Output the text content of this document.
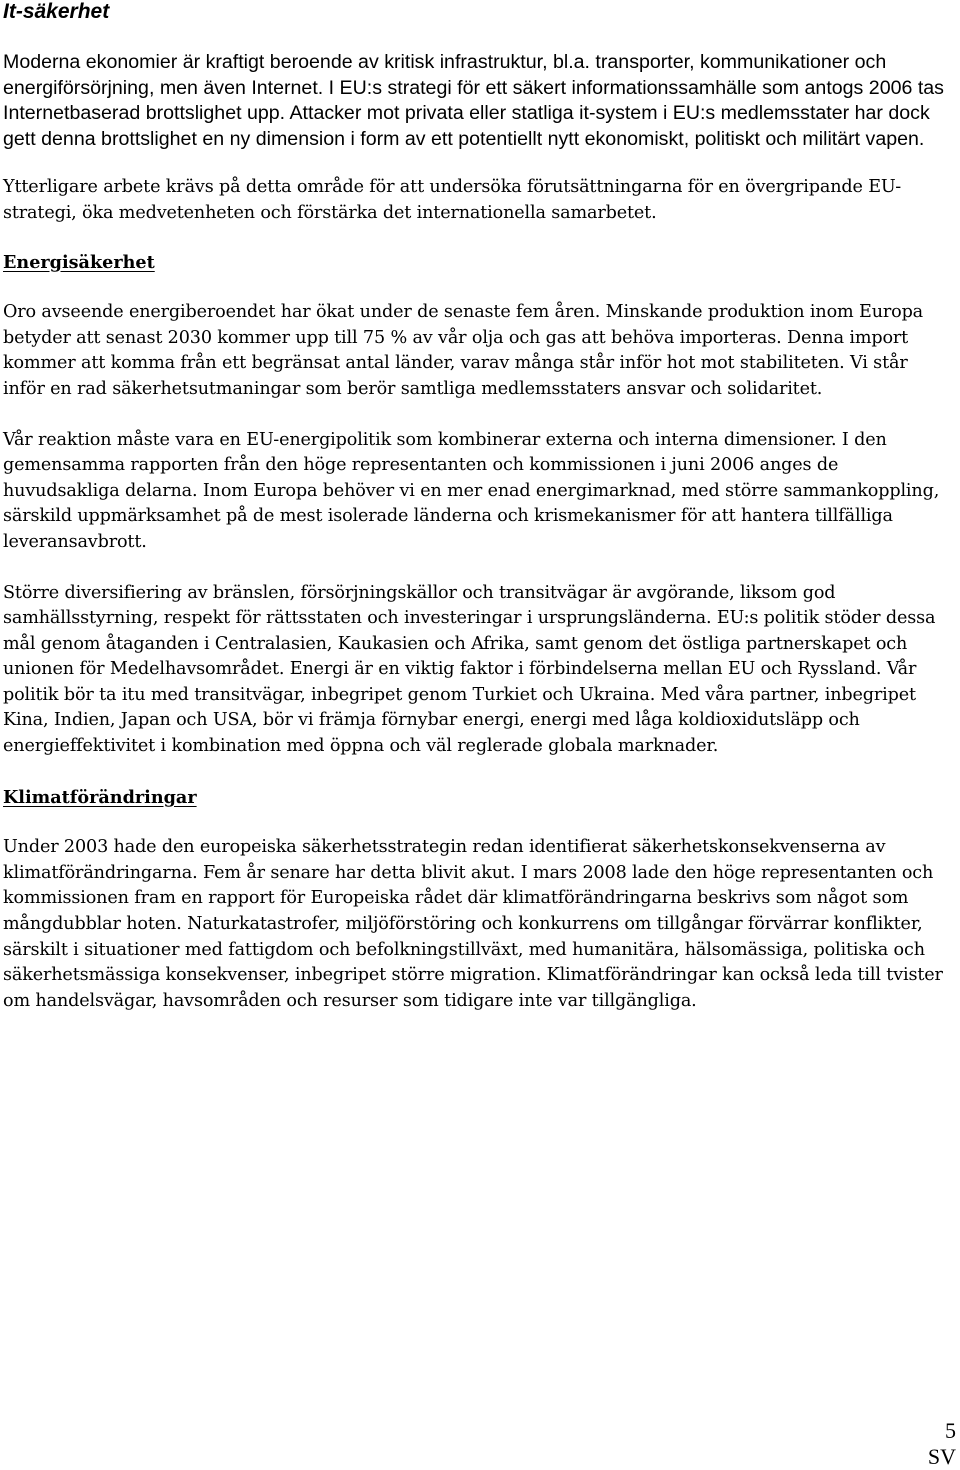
It-säkerhet

Moderna ekonomier är kraftigt beroende av kritisk infrastruktur, bl.a. transporter, kommunikationer och energiförsörjning, men även Internet. I EU:s strategi för ett säkert informationssamhälle som antogs 2006 tas Internetbaserad brottslighet upp. Attacker mot privata eller statliga it-system i EU:s medlemsstater har dock gett denna brottslighet en ny dimension i form av ett potentiellt nytt ekonomiskt, politiskt och militärt vapen.

Ytterligare arbete krävs på detta område för att undersöka förutsättningarna för en övergripande EU-strategi, öka medvetenheten och förstärka det internationella samarbetet.

Energisäkerhet

Oro avseende energiberoendet har ökat under de senaste fem åren. Minskande produktion inom Europa betyder att senast 2030 kommer upp till 75 % av vår olja och gas att behöva importeras. Denna import kommer att komma från ett begränsat antal länder, varav många står inför hot mot stabiliteten. Vi står inför en rad säkerhetsutmaningar som berör samtliga medlemsstaters ansvar och solidaritet.

Vår reaktion måste vara en EU-energipolitik som kombinerar externa och interna dimensioner. I den gemensamma rapporten från den höge representanten och kommissionen i juni 2006 anges de huvudsakliga delarna. Inom Europa behöver vi en mer enad energimarknad, med större sammankoppling, särskild uppmärksamhet på de mest isolerade länderna och krismekanismer för att hantera tillfälliga leveransavbrott.

Större diversifiering av bränslen, försörjningskällor och transitvägar är avgörande, liksom god samhällsstyrning, respekt för rättsstaten och investeringar i ursprungsländerna. EU:s politik stöder dessa mål genom åtaganden i Centralasien, Kaukasien och Afrika, samt genom det östliga partnerskapet och unionen för Medelhavsområdet. Energi är en viktig faktor i förbindelserna mellan EU och Ryssland. Vår politik bör ta itu med transitvägar, inbegripet genom Turkiet och Ukraina. Med våra partner, inbegripet Kina, Indien, Japan och USA, bör vi främja förnybar energi, energi med låga koldioxidutsläpp och energieffektivitet i kombination med öppna och väl reglerade globala marknader.

Klimatförändringar

Under 2003 hade den europeiska säkerhetsstrategin redan identifierat säkerhetskonsekvenserna av klimatförändringarna. Fem år senare har detta blivit akut. I mars 2008 lade den höge representanten och kommissionen fram en rapport för Europeiska rådet där klimatförändringarna beskrivs som något som mångdubblar hoten. Naturkatastrofer, miljöförstöring och konkurrens om tillgångar förvärrar konflikter, särskilt i situationer med fattigdom och befolkningstillväxt, med humanitära, hälsomässiga, politiska och säkerhetsmässiga konsekvenser, inbegripet större migration. Klimatförändringar kan också leda till tvister om handelsvägar, havsområden och resurser som tidigare inte var tillgängliga.

5
SV
